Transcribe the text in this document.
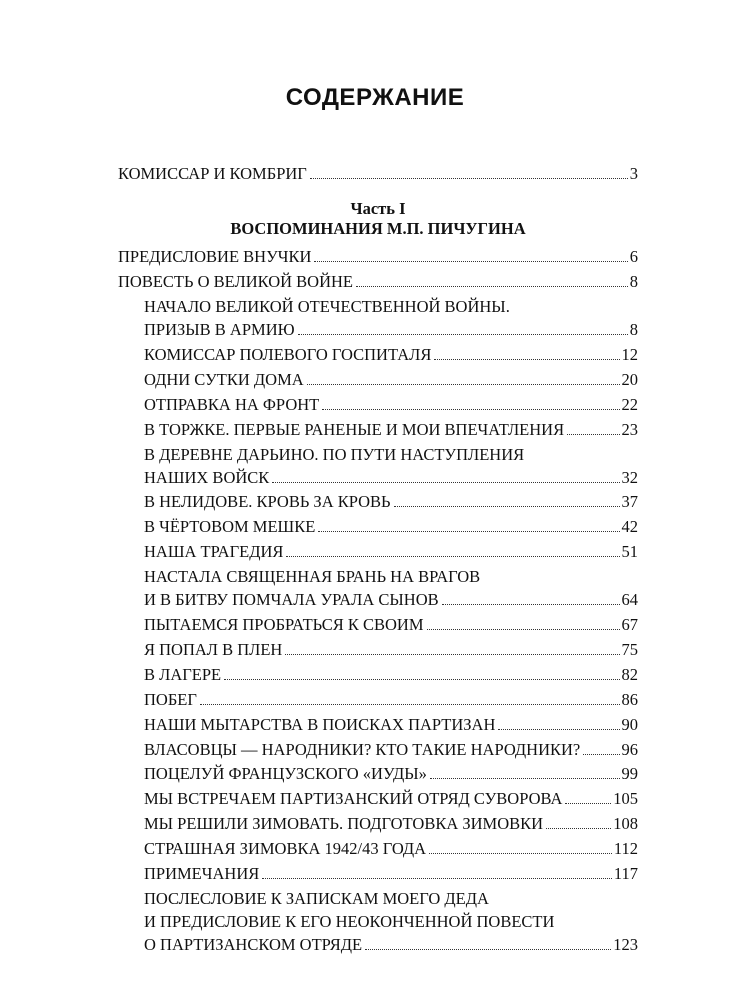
СОДЕРЖАНИЕ
КОМИССАР И КОМБРИГ	3
Часть I
ВОСПОМИНАНИЯ М.П. ПИЧУГИНА
ПРЕДИСЛОВИЕ ВНУЧКИ	6
ПОВЕСТЬ О ВЕЛИКОЙ ВОЙНЕ	8
НАЧАЛО ВЕЛИКОЙ ОТЕЧЕСТВЕННОЙ ВОЙНЫ.
ПРИЗЫВ В АРМИЮ	8
КОМИССАР ПОЛЕВОГО ГОСПИТАЛЯ	12
ОДНИ СУТКИ ДОМА	20
ОТПРАВКА НА ФРОНТ	22
В ТОРЖКЕ. ПЕРВЫЕ РАНЕНЫЕ И МОИ ВПЕЧАТЛЕНИЯ	23
В ДЕРЕВНЕ ДАРЬИНО. ПО ПУТИ НАСТУПЛЕНИЯ
НАШИХ ВОЙСК	32
В НЕЛИДОВЕ. КРОВЬ ЗА КРОВЬ	37
В ЧЁРТОВОМ МЕШКЕ	42
НАША ТРАГЕДИЯ	51
НАСТАЛА СВЯЩЕННАЯ БРАНЬ НА ВРАГОВ
И В БИТВУ ПОМЧАЛА УРАЛА СЫНОВ	64
ПЫТАЕМСЯ ПРОБРАТЬСЯ К СВОИМ	67
Я ПОПАЛ В ПЛЕН	75
В ЛАГЕРЕ	82
ПОБЕГ	86
НАШИ МЫТАРСТВА В ПОИСКАХ ПАРТИЗАН	90
ВЛАСОВЦЫ — НАРОДНИКИ? КТО ТАКИЕ НАРОДНИКИ?	96
ПОЦЕЛУЙ ФРАНЦУЗСКОГО «ИУДЫ»	99
МЫ ВСТРЕЧАЕМ ПАРТИЗАНСКИЙ ОТРЯД СУВОРОВА	105
МЫ РЕШИЛИ ЗИМОВАТЬ. ПОДГОТОВКА ЗИМОВКИ	108
СТРАШНАЯ ЗИМОВКА 1942/43 ГОДА	112
ПРИМЕЧАНИЯ	117
ПОСЛЕСЛОВИЕ К ЗАПИСКАМ МОЕГО ДЕДА
И ПРЕДИСЛОВИЕ К ЕГО НЕОКОНЧЕННОЙ ПОВЕСТИ
О ПАРТИЗАНСКОМ ОТРЯДЕ	123
